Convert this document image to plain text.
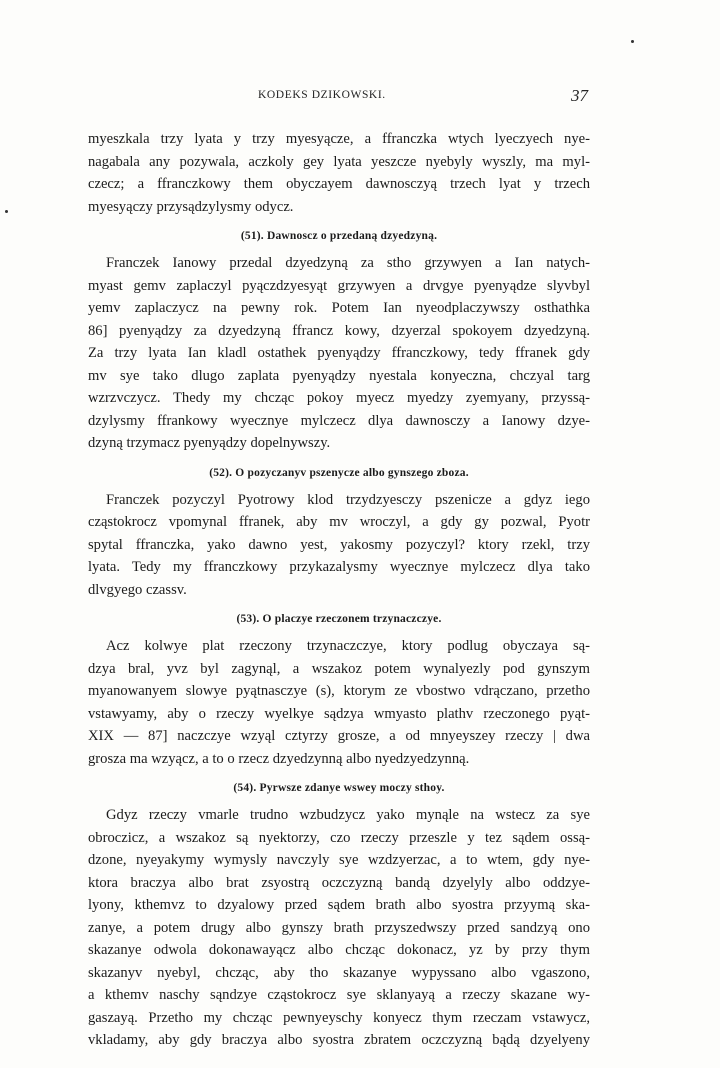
KODEKS DZIKOWSKI.	37
myeszkala trzy lyata y trzy myesyącze, a ffranczka wtych lyeczyech nye-
nagabala any pozywala, aczkoly gey lyata yeszcze nyebyly wyszly, ma myl-
czecz; a ffranczkowy them obyczayem dawnosczyą trzech lyat y trzech
myesyączy przysądzylysmy odycz.
(51). Dawnoscz o przedaną dzyedzyną.
Franczek Ianowy przedal dzyedzyną za stho grzywyen a Ian natych-
myast gemv zaplaczyl pyączdzyesyąt grzywyen a drvgye pyenyądze slyvbyl
yemv zaplaczycz na pewny rok. Potem Ian nyeodplaczywszy osthathka
86] pyenyądzy za dzyedzyną ffrancz kowy, dzyerzal spokoyem dzyedzyną.
Za trzy lyata Ian kladl ostathek pyenyądzy ffranczkowy, tedy ffranek gdy
mv sye tako dlugo zaplata pyenyądzy nyestala konyeczna, chczyal targ
wzrzvczycz. Thedy my chcząc pokoy myecz myedzy zyemyany, przyssą-
dzylysmy ffrankowy wyecznye mylczecz dlya dawnosczy a Ianowy dzye-
dzyną trzymacz pyenyądzy dopelnywszy.
(52). O pozyczanyv pszenycze albo gynszego zboza.
Franczek pozyczyl Pyotrowy klod trzydzyesczy pszenicze a gdyz iego
cząstokrocz vpomynal ffranek, aby mv wroczyl, a gdy gy pozwal, Pyotr
spytal ffranczka, yako dawno yest, yakosmy pozyczyl? ktory rzekl, trzy
lyata. Tedy my ffranczkowy przykazalysmy wyecznye mylczecz dlya tako
dlvgyego czassv.
(53). O placzye rzeczonem trzynaczczye.
Acz kolwye plat rzeczony trzynaczczye, ktory podlug obyczaya są-
dzya bral, yvz byl zagynąl, a wszakoz potem wynalyezly pod gynszym
myanowanyem slowye pyątnasczye (s), ktorym ze vbostwo vdrączano, przetho
vstawyamy, aby o rzeczy wyelkye sądzya wmyasto plathv rzeczonego pyąt-
XIX — 87] naczczye wzyąl cztyrzy grosze, a od mnyeyszey rzeczy | dwa
grosza ma wzyącz, a to o rzecz dzyedzynną albo nyedzyedzynną.
(54). Pyrwsze zdanye wswey moczy sthoy.
Gdyz rzeczy vmarle trudno wzbudzycz yako mynąle na wstecz za sye
obroczicz, a wszakoz są nyektorzy, czo rzeczy przeszle y tez sądem ossą-
dzone, nyeyakymy wymysly navczyly sye wzdzyerzac, a to wtem, gdy nye-
ktora braczya albo brat zsyostrą oczczyzną bandą dzyelyly albo oddzye-
lyony, kthemvz to dzyalowy przed sądem brath albo syostra przyymą ska-
zanye, a potem drugy albo gynszy brath przyszedwszy przed sandzyą ono
skazanye odwola dokonawayącz albo chcząc dokonacz, yz by przy thym
skazanyv nyebyl, chcząc, aby tho skazanye wypyssano albo vgaszono,
a kthemv naschy sąndzye cząstokrocz sye sklanyayą a rzeczy skazane wy-
gaszayą. Przetho my chcząc pewnyeyschy konyecz thym rzeczam vstawycz,
vkladamy, aby gdy braczya albo syostra zbratem oczczyzną bądą dzyelyeny
